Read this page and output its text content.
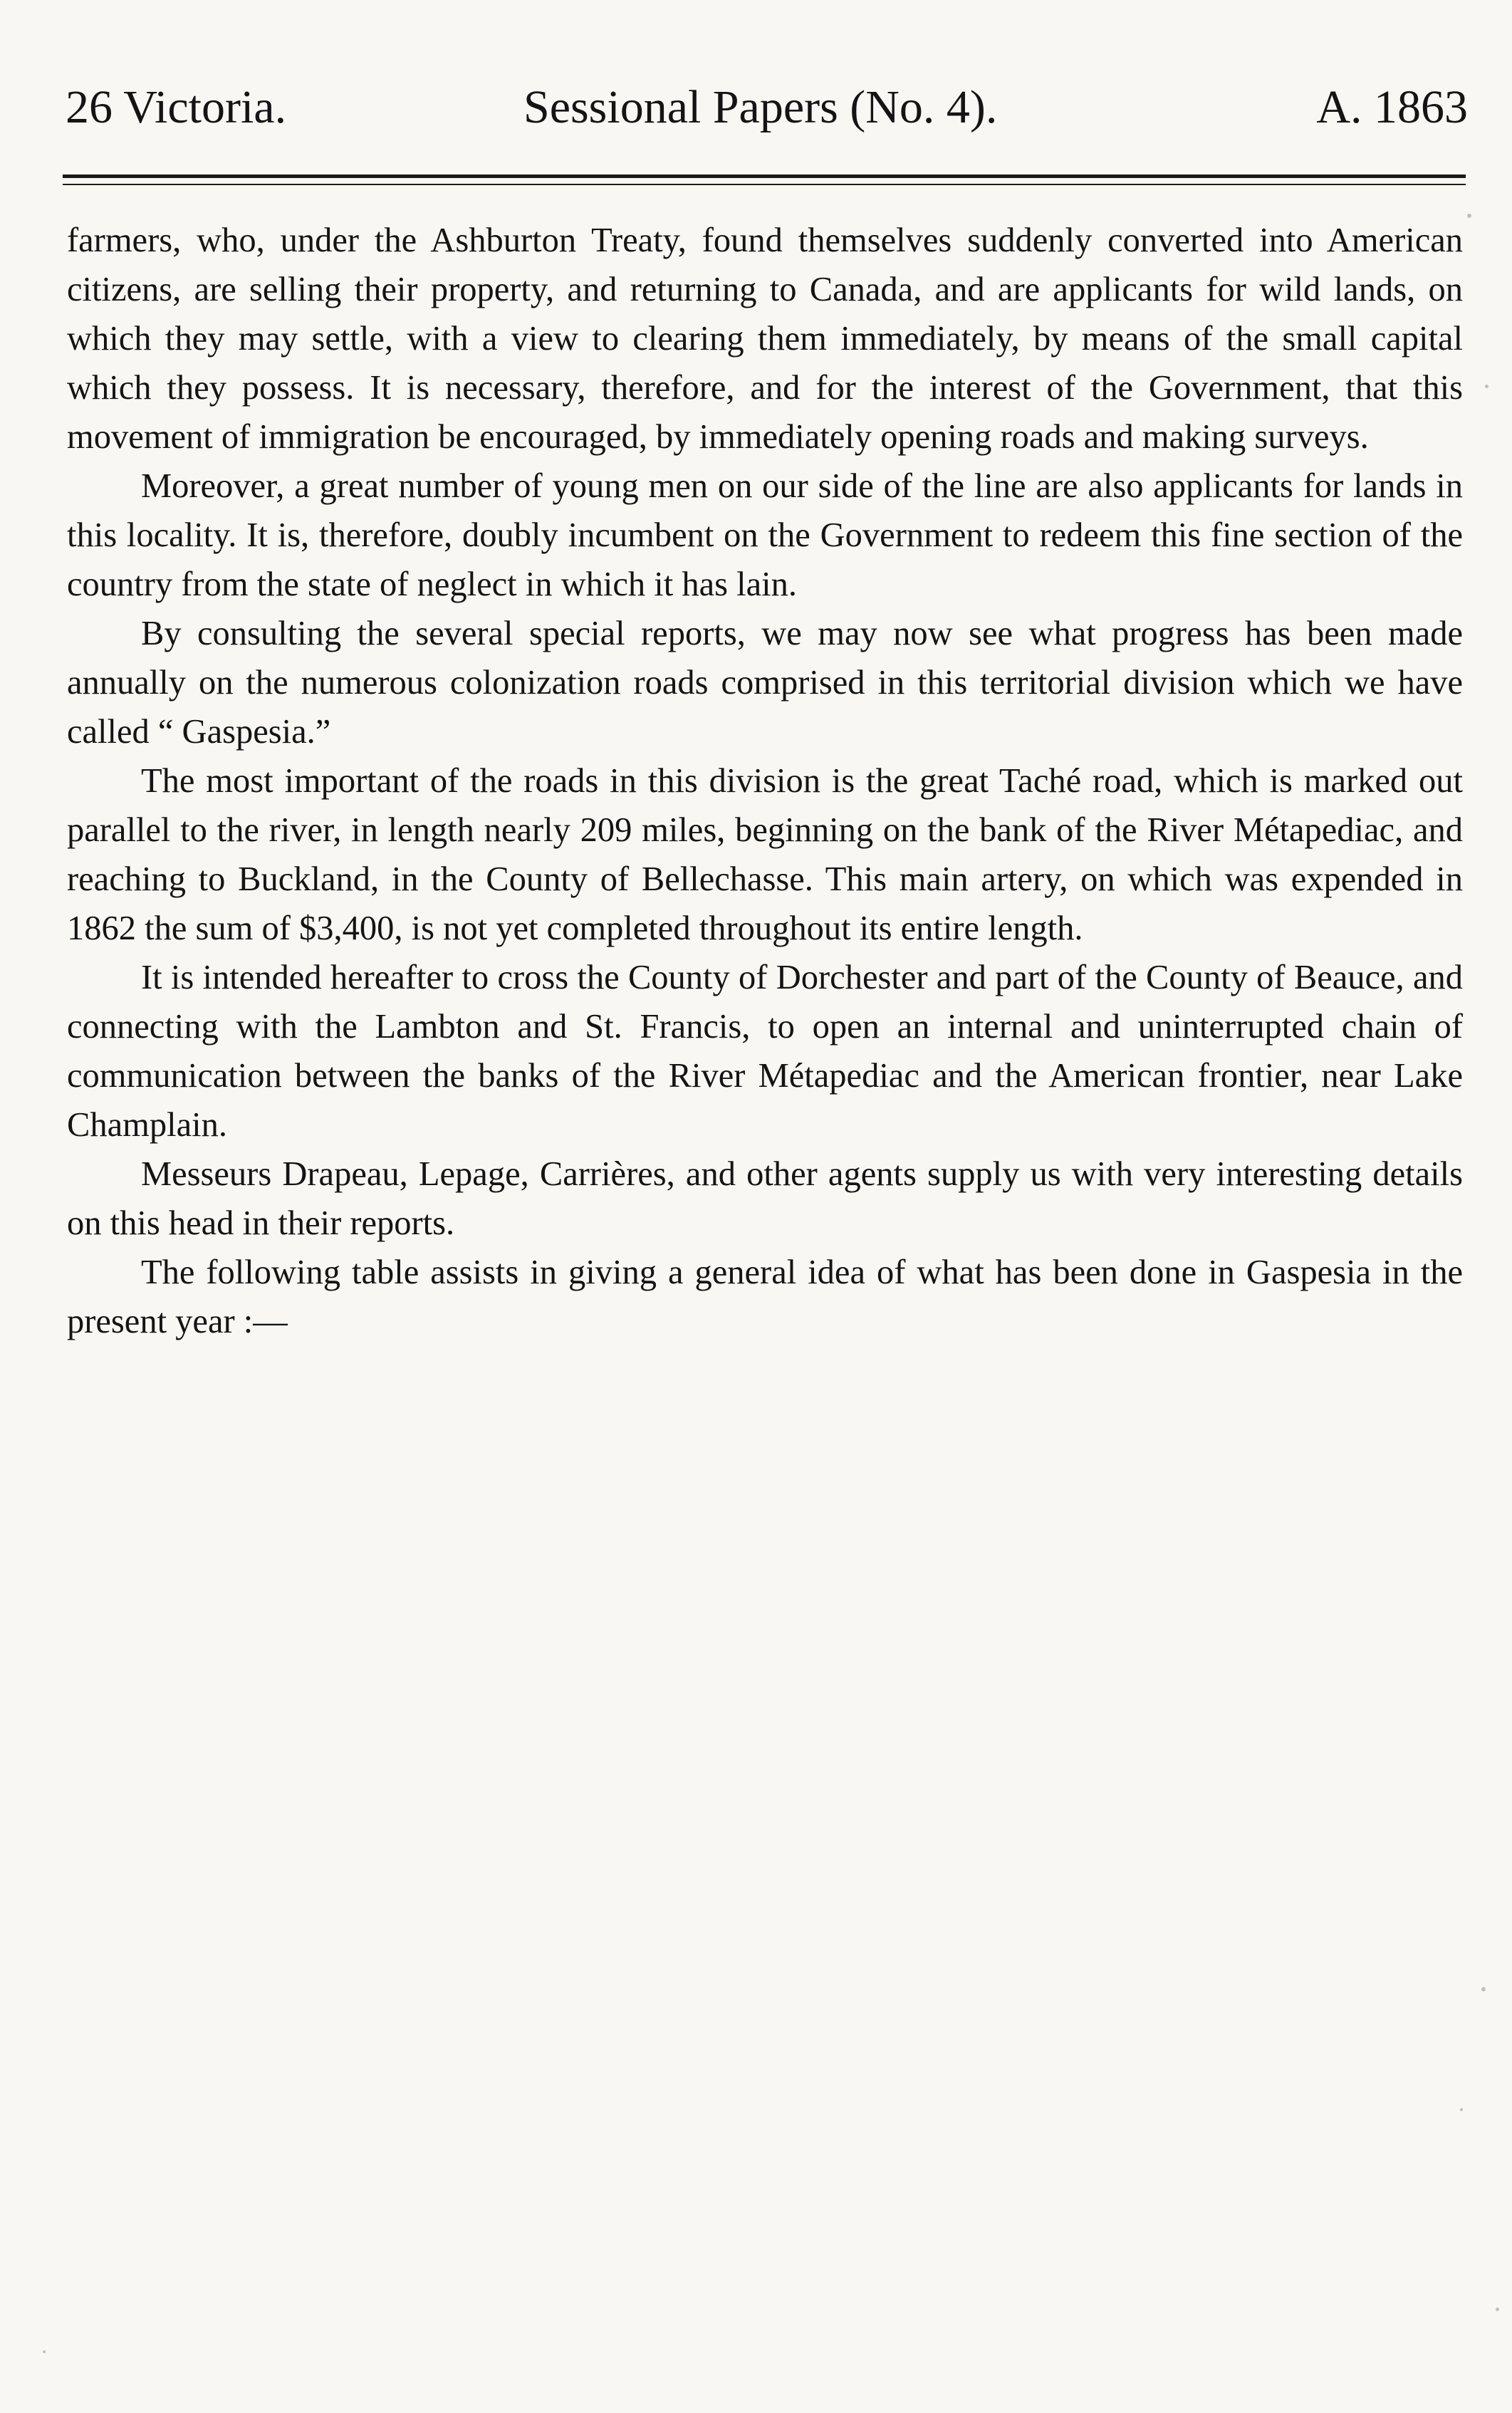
26 Victoria.	Sessional Papers (No. 4).	A. 1863

farmers, who, under the Ashburton Treaty, found themselves suddenly converted into American citizens, are selling their property, and returning to Canada, and are applicants for wild lands, on which they may settle, with a view to clearing them immediately, by means of the small capital which they possess. It is necessary, therefore, and for the interest of the Government, that this movement of immigration be encouraged, by immediately opening roads and making surveys.

Moreover, a great number of young men on our side of the line are also applicants for lands in this locality. It is, therefore, doubly incumbent on the Government to redeem this fine section of the country from the state of neglect in which it has lain.

By consulting the several special reports, we may now see what progress has been made annually on the numerous colonization roads comprised in this territorial division which we have called “ Gaspesia.”

The most important of the roads in this division is the great Taché road, which is marked out parallel to the river, in length nearly 209 miles, beginning on the bank of the River Métapediac, and reaching to Buckland, in the County of Bellechasse. This main artery, on which was expended in 1862 the sum of $3,400, is not yet completed throughout its entire length.

It is intended hereafter to cross the County of Dorchester and part of the County of Beauce, and connecting with the Lambton and St. Francis, to open an internal and uninterrupted chain of communication between the banks of the River Métapediac and the American frontier, near Lake Champlain.

Messeurs Drapeau, Lepage, Carrières, and other agents supply us with very interesting details on this head in their reports.

The following table assists in giving a general idea of what has been done in Gaspesia in the present year :—
